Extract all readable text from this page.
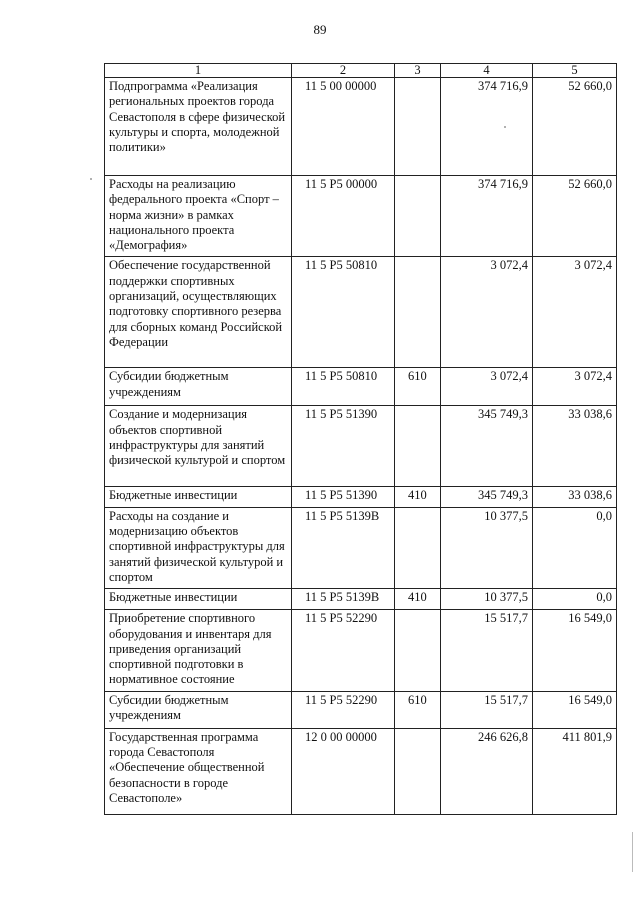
89
1	2	3	4	5
Подпрограмма «Реализация региональных проектов города Севастополя в сфере физической культуры и спорта, молодежной политики»	11 5 00 00000		374 716,9	52 660,0
Расходы на реализацию федерального проекта «Спорт – норма жизни» в рамках национального проекта «Демография»	11 5 P5 00000		374 716,9	52 660,0
Обеспечение государственной поддержки спортивных организаций, осуществляющих подготовку спортивного резерва для сборных команд Российской Федерации	11 5 P5 50810		3 072,4	3 072,4
Субсидии бюджетным учреждениям	11 5 P5 50810	610	3 072,4	3 072,4
Создание и модернизация объектов спортивной инфраструктуры для занятий физической культурой и спортом	11 5 P5 51390		345 749,3	33 038,6
Бюджетные инвестиции	11 5 P5 51390	410	345 749,3	33 038,6
Расходы на создание и модернизацию объектов спортивной инфраструктуры для занятий физической культурой и спортом	11 5 P5 5139B		10 377,5	0,0
Бюджетные инвестиции	11 5 P5 5139B	410	10 377,5	0,0
Приобретение спортивного оборудования и инвентаря для приведения организаций спортивной подготовки в нормативное состояние	11 5 P5 52290		15 517,7	16 549,0
Субсидии бюджетным учреждениям	11 5 P5 52290	610	15 517,7	16 549,0
Государственная программа города Севастополя «Обеспечение общественной безопасности в городе Севастополе»	12 0 00 00000		246 626,8	411 801,9
